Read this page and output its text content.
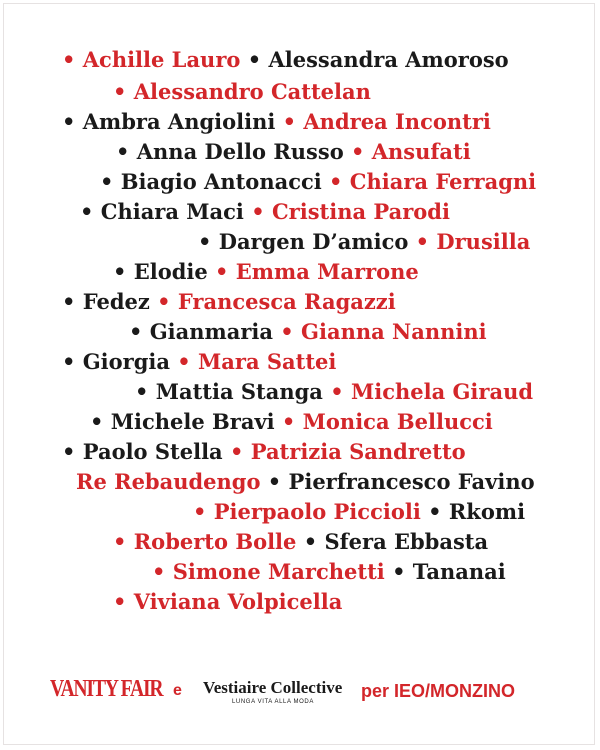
• Achille Lauro • Alessandra Amoroso
• Alessandro Cattelan
• Ambra Angiolini • Andrea Incontri
• Anna Dello Russo • Ansufati
• Biagio Antonacci • Chiara Ferragni
• Chiara Maci • Cristina Parodi
• Dargen D’amico • Drusilla
• Elodie • Emma Marrone
• Fedez • Francesca Ragazzi
• Gianmaria • Gianna Nannini
• Giorgia • Mara Sattei
• Mattia Stanga • Michela Giraud
• Michele Bravi • Monica Bellucci
• Paolo Stella • Patrizia Sandretto
Re Rebaudengo • Pierfrancesco Favino
• Pierpaolo Piccioli • Rkomi
• Roberto Bolle • Sfera Ebbasta
• Simone Marchetti • Tananai
• Viviana Volpicella
VANITY FAIR e Vestiaire Collective
LUNGA VITA ALLA MODA
per IEO/MONZINO
